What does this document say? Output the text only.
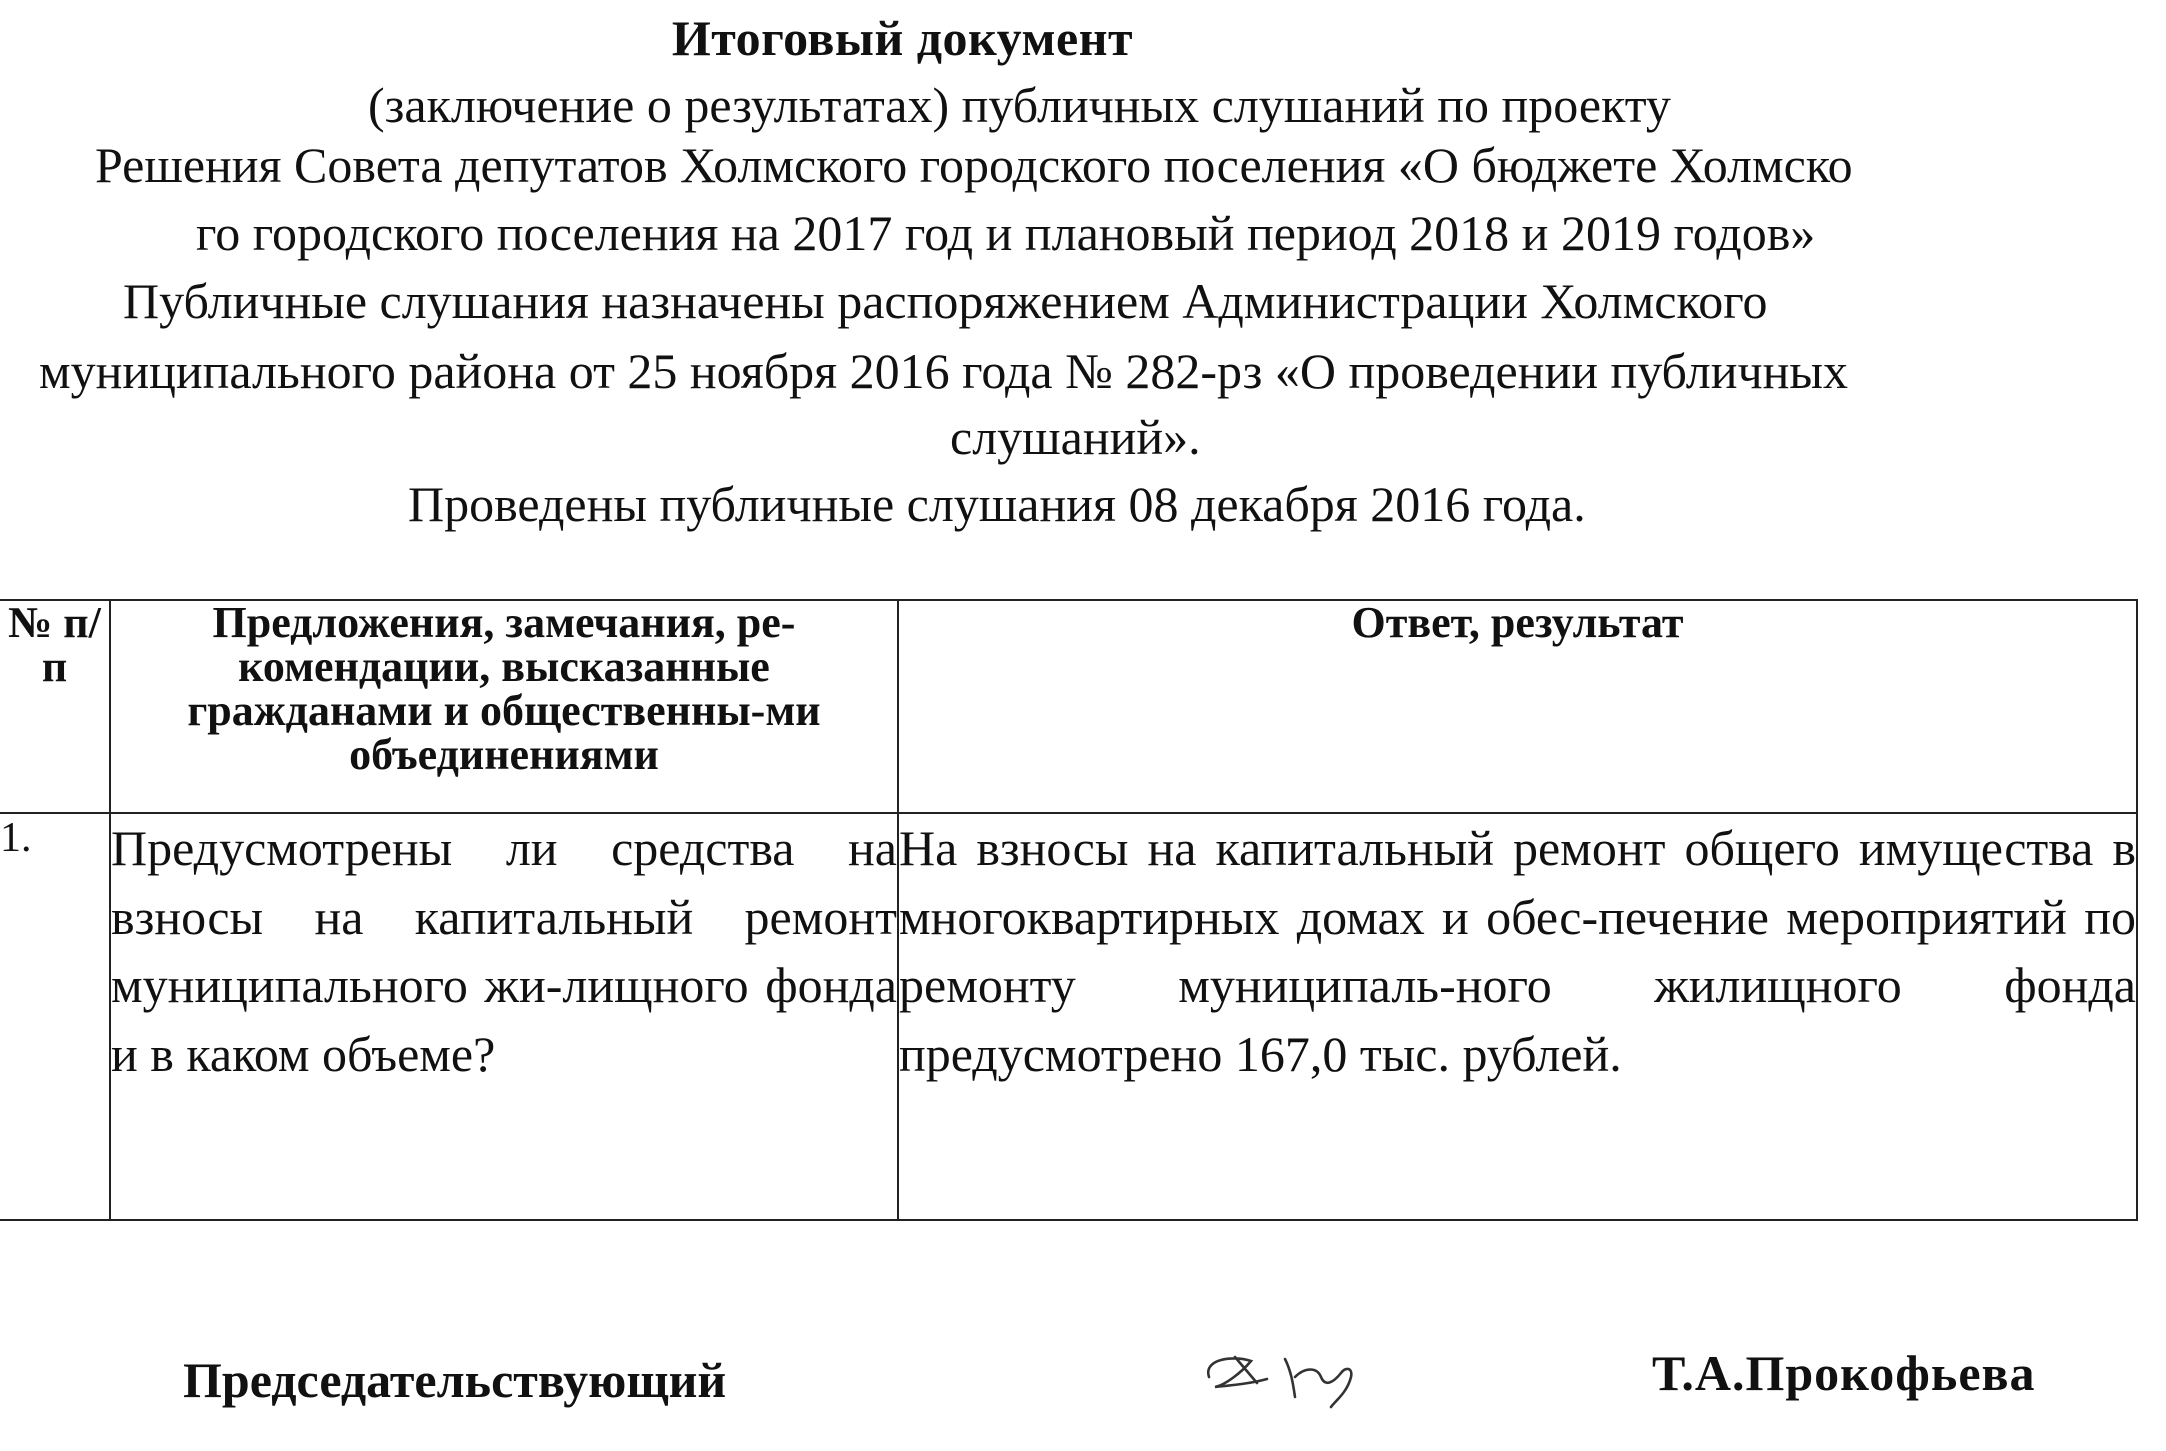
Итоговый документ
(заключение о результатах) публичных слушаний по проекту
Решения Совета депутатов Холмского городского поселения «О бюджете Холмско
го городского поселения на 2017 год и плановый период 2018 и 2019 годов»
Публичные слушания назначены распоряжением Администрации Холмского
муниципального района от 25 ноября 2016 года № 282-рз «О проведении публичных
слушаний».
Проведены публичные слушания 08 декабря 2016 года.
№ п/п	Предложения, замечания, ре-комендации, высказанные гражданами и общественны-ми объединениями	Ответ, результат
1.	Предусмотрены ли средства на взносы на капитальный ремонт муниципального жи-лищного фонда и в каком объеме?	На взносы на капитальный ремонт общего имущества в многоквартирных домах и обес-печение мероприятий по ремонту муниципаль-ного жилищного фонда предусмотрено 167,0 тыс. рублей.
Председательствующий	Т.А.Прокофьева
